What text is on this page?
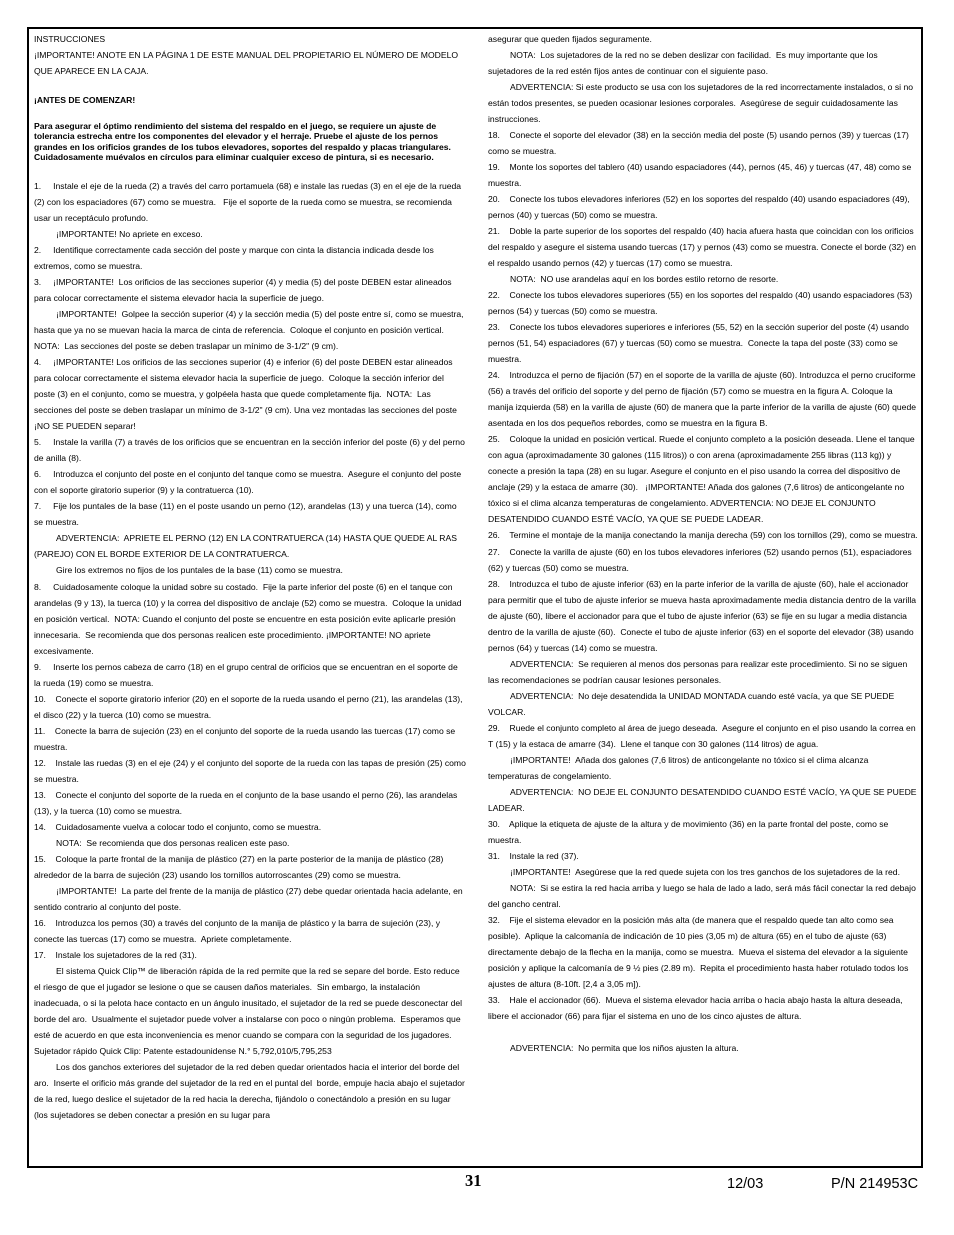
INSTRUCCIONES

¡IMPORTANTE! ANOTE EN LA PÁGINA 1 DE ESTE MANUAL DEL PROPIETARIO EL NÚMERO DE MODELO QUE APARECE EN LA CAJA.

¡ANTES DE COMENZAR!

Para asegurar el óptimo rendimiento del sistema del respaldo en el juego, se requiere un ajuste de tolerancia estrecha entre los componentes del elevador y el herraje. Pruebe el ajuste de los pernos grandes en los orificios grandes de los tubos elevadores, soportes del respaldo y placas triangulares. Cuidadosamente muévalos en círculos para eliminar cualquier exceso de pintura, si es necesario.

1.     Instale el eje de la rueda (2) a través del carro portamuela (68) e instale las ruedas (3) en el eje de la rueda (2) con los espaciadores (67) como se muestra.   Fije el soporte de la rueda como se muestra, se recomienda usar un receptáculo profundo.

¡IMPORTANTE! No apriete en exceso.

2.     Identifique correctamente cada sección del poste y marque con cinta la distancia indicada desde los extremos, como se muestra.

3.     ¡IMPORTANTE!  Los orificios de las secciones superior (4) y media (5) del poste DEBEN estar alineados para colocar correctamente el sistema elevador hacia la superficie de juego.

¡IMPORTANTE!  Golpee la sección superior (4) y la sección media (5) del poste entre sí, como se muestra, hasta que ya no se muevan hacia la marca de cinta de referencia.  Coloque el conjunto en posición vertical.  NOTA:  Las secciones del poste se deben traslapar un mínimo de 3-1/2" (9 cm).

4.     ¡IMPORTANTE! Los orificios de las secciones superior (4) e inferior (6) del poste DEBEN estar alineados para colocar correctamente el sistema elevador hacia la superficie de juego.  Coloque la sección inferior del poste (3) en el conjunto, como se muestra, y golpéela hasta que quede completamente fija.  NOTA:  Las secciones del poste se deben traslapar un mínimo de 3-1/2" (9 cm). Una vez montadas las secciones del poste ¡NO SE PUEDEN separar!

5.     Instale la varilla (7) a través de los orificios que se encuentran en la sección inferior del poste (6) y del perno de anilla (8).

6.     Introduzca el conjunto del poste en el conjunto del tanque como se muestra.  Asegure el conjunto del poste con el soporte giratorio superior (9) y la contratuerca (10).

7.     Fije los puntales de la base (11) en el poste usando un perno (12), arandelas (13) y una tuerca (14), como se muestra.

ADVERTENCIA:  APRIETE EL PERNO (12) EN LA CONTRATUERCA (14) HASTA QUE QUEDE AL RAS (PAREJO) CON EL BORDE EXTERIOR DE LA CONTRATUERCA.

Gire los extremos no fijos de los puntales de la base (11) como se muestra.

8.     Cuidadosamente coloque la unidad sobre su costado.  Fije la parte inferior del poste (6) en el tanque con arandelas (9 y 13), la tuerca (10) y la correa del dispositivo de anclaje (52) como se muestra.  Coloque la unidad en posición vertical.  NOTA: Cuando el conjunto del poste se encuentre en esta posición evite aplicarle presión innecesaria.  Se recomienda que dos personas realicen este procedimiento. ¡IMPORTANTE! NO apriete excesivamente.

9.     Inserte los pernos cabeza de carro (18) en el grupo central de orificios que se encuentran en el soporte de la rueda (19) como se muestra.

10.    Conecte el soporte giratorio inferior (20) en el soporte de la rueda usando el perno (21), las arandelas (13), el disco (22) y la tuerca (10) como se muestra.

11.    Conecte la barra de sujeción (23) en el conjunto del soporte de la rueda usando las tuercas (17) como se muestra.

12.    Instale las ruedas (3) en el eje (24) y el conjunto del soporte de la rueda con las tapas de presión (25) como se muestra.

13.    Conecte el conjunto del soporte de la rueda en el conjunto de la base usando el perno (26), las arandelas (13), y la tuerca (10) como se muestra.

14.    Cuidadosamente vuelva a colocar todo el conjunto, como se muestra.

NOTA:  Se recomienda que dos personas realicen este paso.

15.    Coloque la parte frontal de la manija de plástico (27) en la parte posterior de la manija de plástico (28) alrededor de la barra de sujeción (23) usando los tornillos autorroscantes (29) como se muestra.

¡IMPORTANTE!  La parte del frente de la manija de plástico (27) debe quedar orientada hacia adelante, en sentido contrario al conjunto del poste.

16.    Introduzca los pernos (30) a través del conjunto de la manija de plástico y la barra de sujeción (23), y conecte las tuercas (17) como se muestra.  Apriete completamente.

17.    Instale los sujetadores de la red (31).

El sistema Quick Clip™ de liberación rápida de la red permite que la red se separe del borde. Esto reduce el riesgo de que el jugador se lesione o que se causen daños materiales.  Sin embargo, la instalación inadecuada, o si la pelota hace contacto en un ángulo inusitado, el sujetador de la red se puede desconectar del borde del aro.  Usualmente el sujetador puede volver a instalarse con poco o ningún problema.  Esperamos que esté de acuerdo en que esta inconveniencia es menor cuando se compara con la seguridad de los jugadores. Sujetador rápido Quick Clip: Patente estadounidense N.° 5,792,010/5,795,253

Los dos ganchos exteriores del sujetador de la red deben quedar orientados hacia el interior del borde del aro.  Inserte el orificio más grande del sujetador de la red en el puntal del  borde, empuje hacia abajo el sujetador de la red, luego deslice el sujetador de la red hacia la derecha, fijándolo o conectándolo a presión en su lugar (los sujetadores se deben conectar a presión en su lugar para

asegurar que queden fijados seguramente.

NOTA:  Los sujetadores de la red no se deben deslizar con facilidad.  Es muy importante que los sujetadores de la red estén fijos antes de continuar con el siguiente paso.

ADVERTENCIA: Si este producto se usa con los sujetadores de la red incorrectamente instalados, o si no están todos presentes, se pueden ocasionar lesiones corporales.  Asegúrese de seguir cuidadosamente las instrucciones.

18.    Conecte el soporte del elevador (38) en la sección media del poste (5) usando pernos (39) y tuercas (17) como se muestra.

19.    Monte los soportes del tablero (40) usando espaciadores (44), pernos (45, 46) y tuercas (47, 48) como se muestra.

20.    Conecte los tubos elevadores inferiores (52) en los soportes del respaldo (40) usando espaciadores (49), pernos (40) y tuercas (50) como se muestra.

21.    Doble la parte superior de los soportes del respaldo (40) hacia afuera hasta que coincidan con los orificios del respaldo y asegure el sistema usando tuercas (17) y pernos (43) como se muestra. Conecte el borde (32) en el respaldo usando pernos (42) y tuercas (17) como se muestra.

NOTA:  NO use arandelas aquí en los bordes estilo retorno de resorte.

22.    Conecte los tubos elevadores superiores (55) en los soportes del respaldo (40) usando espaciadores (53) pernos (54) y tuercas (50) como se muestra.

23.    Conecte los tubos elevadores superiores e inferiores (55, 52) en la sección superior del poste (4) usando pernos (51, 54) espaciadores (67) y tuercas (50) como se muestra.  Conecte la tapa del poste (33) como se muestra.

24.    Introduzca el perno de fijación (57) en el soporte de la varilla de ajuste (60). Introduzca el perno cruciforme (56) a través del orificio del soporte y del perno de fijación (57) como se muestra en la figura A. Coloque la manija izquierda (58) en la varilla de ajuste (60) de manera que la parte inferior de la varilla de ajuste (60) quede asentada en los dos pequeños rebordes, como se muestra en la figura B.

25.    Coloque la unidad en posición vertical. Ruede el conjunto completo a la posición deseada. Llene el tanque con agua (aproximadamente 30 galones (115 litros)) o con arena (aproximadamente 255 libras (113 kg)) y conecte a presión la tapa (28) en su lugar. Asegure el conjunto en el piso usando la correa del dispositivo de anclaje (29) y la estaca de amarre (30).   ¡IMPORTANTE! Añada dos galones (7,6 litros) de anticongelante no tóxico si el clima alcanza temperaturas de congelamiento. ADVERTENCIA: NO DEJE EL CONJUNTO DESATENDIDO CUANDO ESTÉ VACÍO, YA QUE SE PUEDE LADEAR.

26.    Termine el montaje de la manija conectando la manija derecha (59) con los tornillos (29), como se muestra.

27.    Conecte la varilla de ajuste (60) en los tubos elevadores inferiores (52) usando pernos (51), espaciadores (62) y tuercas (50) como se muestra.

28.    Introduzca el tubo de ajuste inferior (63) en la parte inferior de la varilla de ajuste (60), hale el accionador para permitir que el tubo de ajuste inferior se mueva hasta aproximadamente media distancia dentro de la varilla de ajuste (60), libere el accionador para que el tubo de ajuste inferior (63) se fije en su lugar a media distancia dentro de la varilla de ajuste (60).  Conecte el tubo de ajuste inferior (63) en el soporte del elevador (38) usando pernos (64) y tuercas (14) como se muestra.

ADVERTENCIA:  Se requieren al menos dos personas para realizar este procedimiento. Si no se siguen las recomendaciones se podrían causar lesiones personales.

ADVERTENCIA:  No deje desatendida la UNIDAD MONTADA cuando esté vacía, ya que SE PUEDE VOLCAR.

29.    Ruede el conjunto completo al área de juego deseada.  Asegure el conjunto en el piso usando la correa en T (15) y la estaca de amarre (34).  Llene el tanque con 30 galones (114 litros) de agua.

¡IMPORTANTE!  Añada dos galones (7,6 litros) de anticongelante no tóxico si el clima alcanza temperaturas de congelamiento.

ADVERTENCIA:  NO DEJE EL CONJUNTO DESATENDIDO CUANDO ESTÉ VACÍO, YA QUE SE PUEDE LADEAR.

30.    Aplique la etiqueta de ajuste de la altura y de movimiento (36) en la parte frontal del poste, como se muestra.

31.    Instale la red (37).

¡IMPORTANTE!  Asegúrese que la red quede sujeta con los tres ganchos de los sujetadores de la red.

NOTA:  Si se estira la red hacia arriba y luego se hala de lado a lado, será más fácil conectar la red debajo del gancho central.

32.    Fije el sistema elevador en la posición más alta (de manera que el respaldo quede tan alto como sea posible).  Aplique la calcomanía de indicación de 10 pies (3,05 m) de altura (65) en el tubo de ajuste (63) directamente debajo de la flecha en la manija, como se muestra.  Mueva el sistema del elevador a la siguiente posición y aplique la calcomanía de 9 ½ pies (2.89 m).  Repita el procedimiento hasta haber rotulado todos los ajustes de altura (8-10ft. [2,4 a 3,05 m]).

33.    Hale el accionador (66).  Mueva el sistema elevador hacia arriba o hacia abajo hasta la altura deseada, libere el accionador (66) para fijar el sistema en uno de los cinco ajustes de altura.

ADVERTENCIA:  No permita que los niños ajusten la altura.

31	12/03	P/N 214953C
